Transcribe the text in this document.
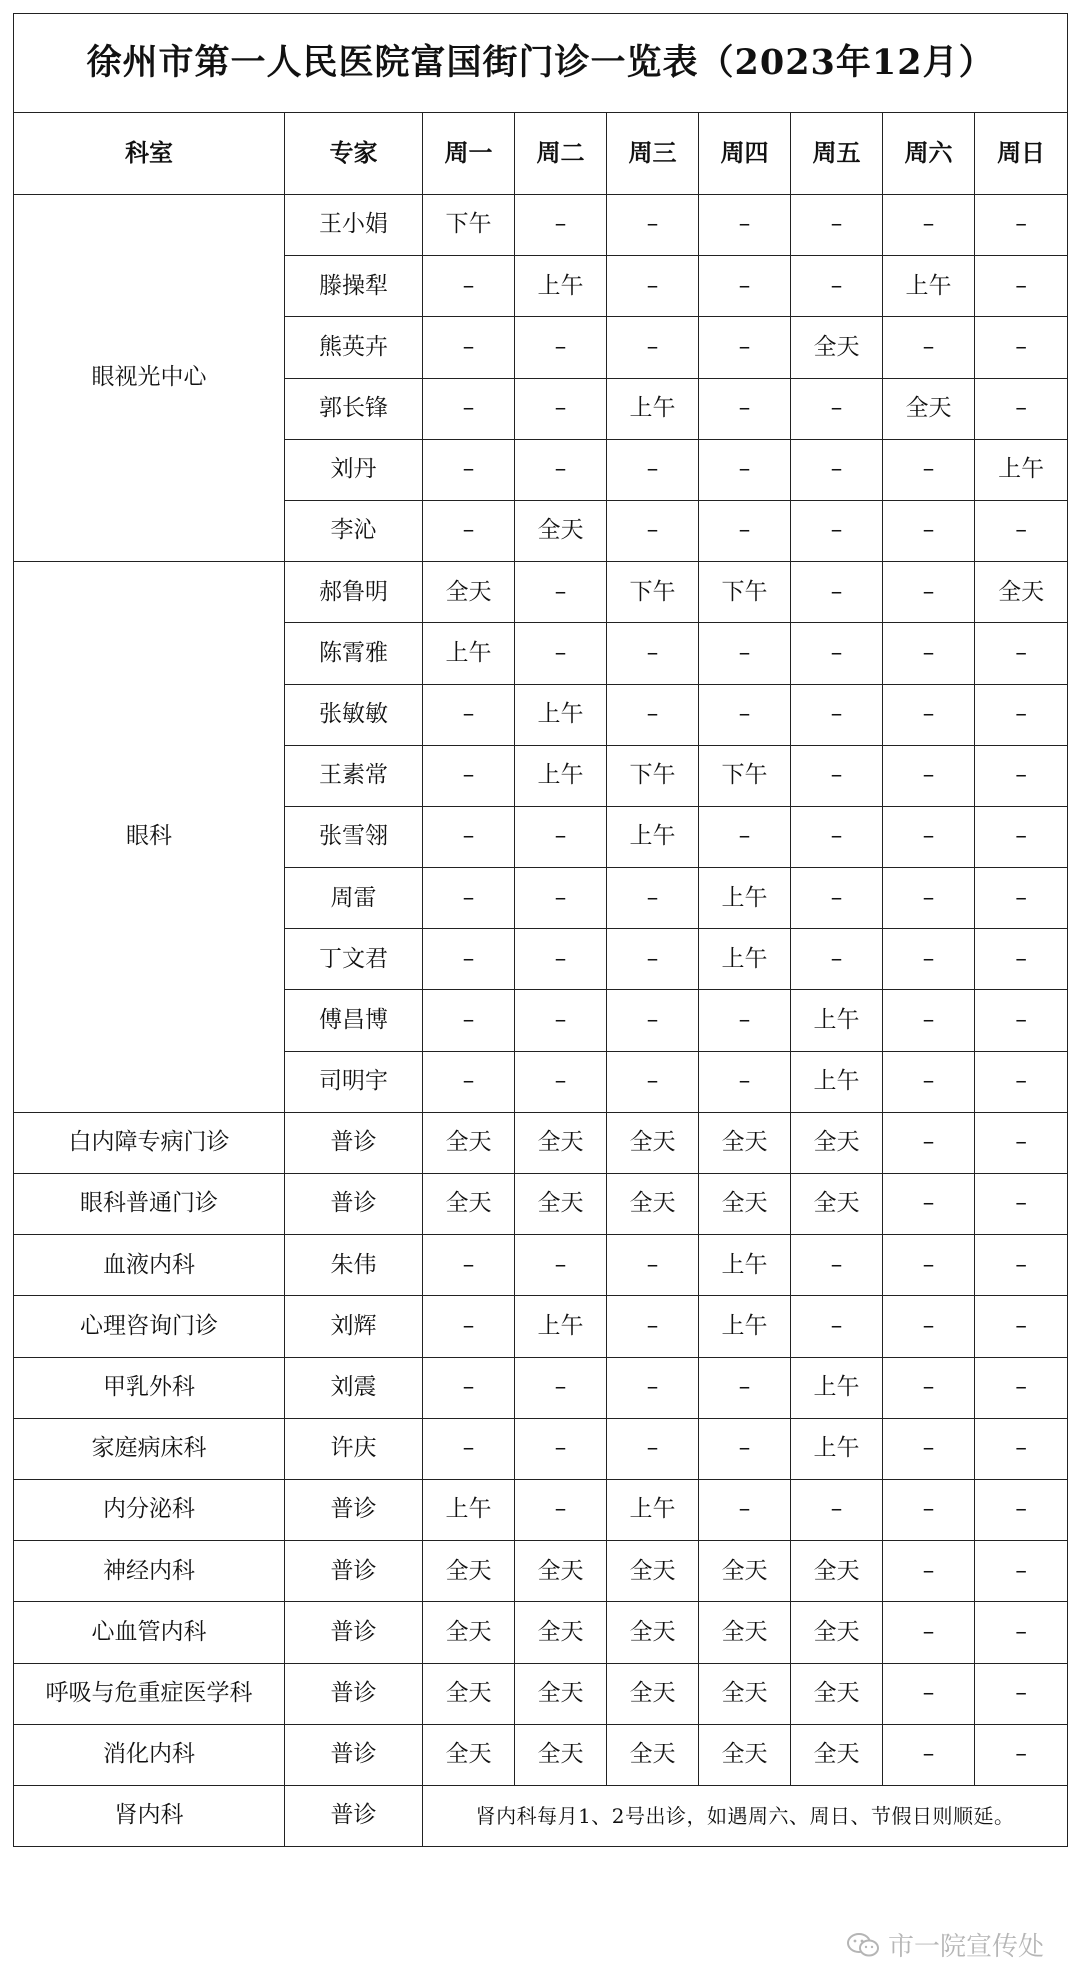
徐州市第一人民医院富国街门诊一览表（2023年12月）								
科室	专家	周一	周二	周三	周四	周五	周六	周日
眼视光中心	王小娟	下午	–	–	–	–	–	–
	滕操犁	–	上午	–	–	–	上午	–
	熊英卉	–	–	–	–	全天	–	–
	郭长锋	–	–	上午	–	–	全天	–
	刘丹	–	–	–	–	–	–	上午
	李沁	–	全天	–	–	–	–	–
眼科	郝鲁明	全天	–	下午	下午	–	–	全天
	陈霄雅	上午	–	–	–	–	–	–
	张敏敏	–	上午	–	–	–	–	–
	王素常	–	上午	下午	下午	–	–	–
	张雪翎	–	–	上午	–	–	–	–
	周雷	–	–	–	上午	–	–	–
	丁文君	–	–	–	上午	–	–	–
	傅昌博	–	–	–	–	上午	–	–
	司明宇	–	–	–	–	上午	–	–
白内障专病门诊	普诊	全天	全天	全天	全天	全天	–	–
眼科普通门诊	普诊	全天	全天	全天	全天	全天	–	–
血液内科	朱伟	–	–	–	上午	–	–	–
心理咨询门诊	刘辉	–	上午	–	上午	–	–	–
甲乳外科	刘震	–	–	–	–	上午	–	–
家庭病床科	许庆	–	–	–	–	上午	–	–
内分泌科	普诊	上午	–	上午	–	–	–	–
神经内科	普诊	全天	全天	全天	全天	全天	–	–
心血管内科	普诊	全天	全天	全天	全天	全天	–	–
呼吸与危重症医学科	普诊	全天	全天	全天	全天	全天	–	–
消化内科	普诊	全天	全天	全天	全天	全天	–	–
肾内科	普诊	肾内科每月1、2号出诊，如遇周六、周日、节假日则顺延。						
市一院宣传处
